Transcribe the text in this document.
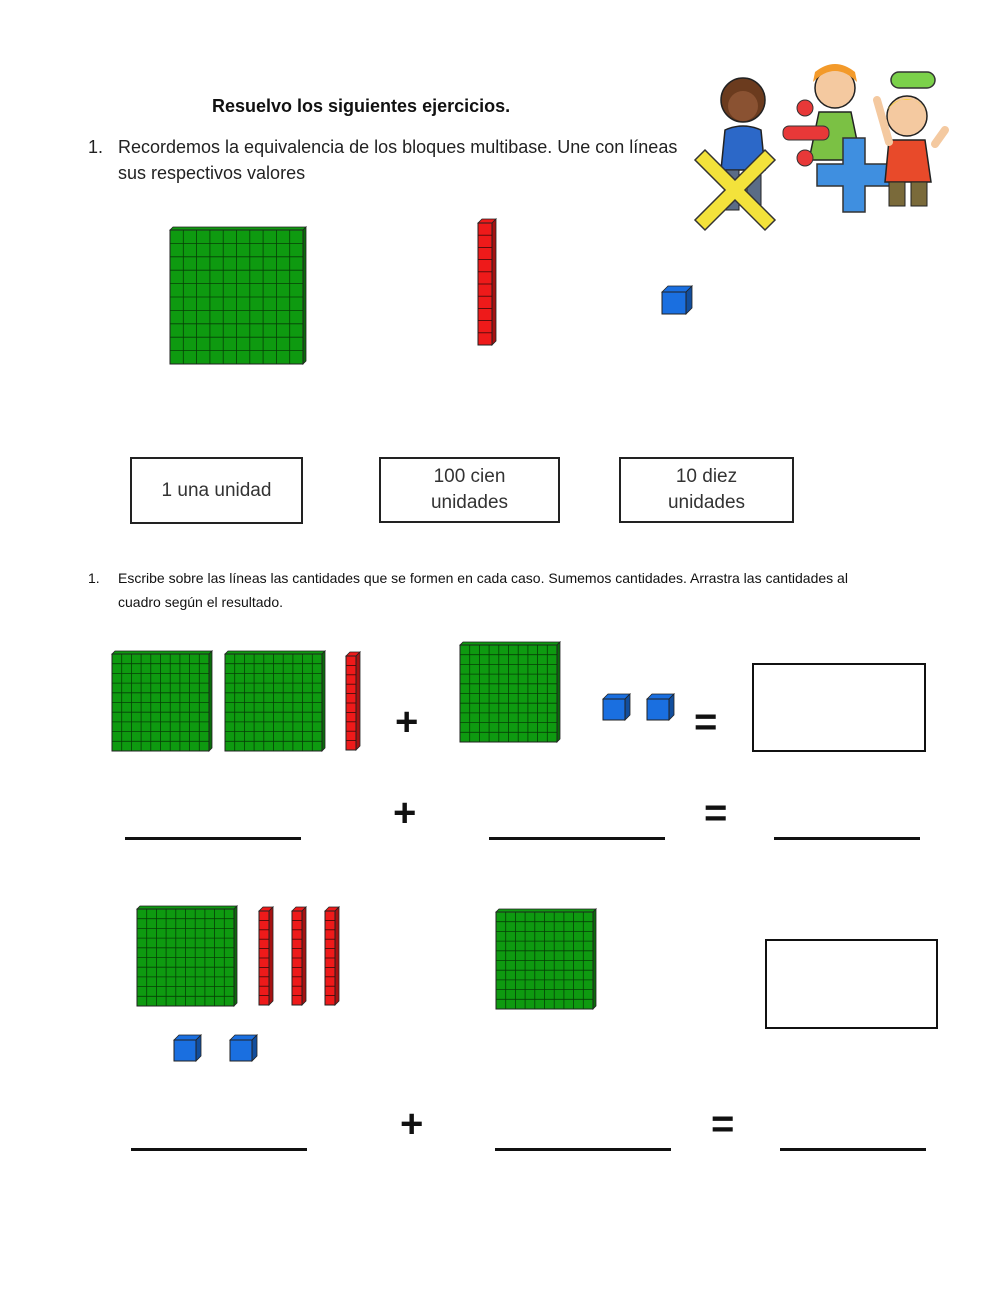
Resuelvo los siguientes ejercicios.
1. Recordemos la equivalencia de los bloques multibase. Une con líneas sus respectivos valores
1 una unidad
100 cien unidades
10 diez unidades
1. Escribe sobre las líneas las cantidades que se formen en cada caso. Sumemos cantidades. Arrastra las cantidades al cuadro según el resultado.
+	=
+	=
+	=
